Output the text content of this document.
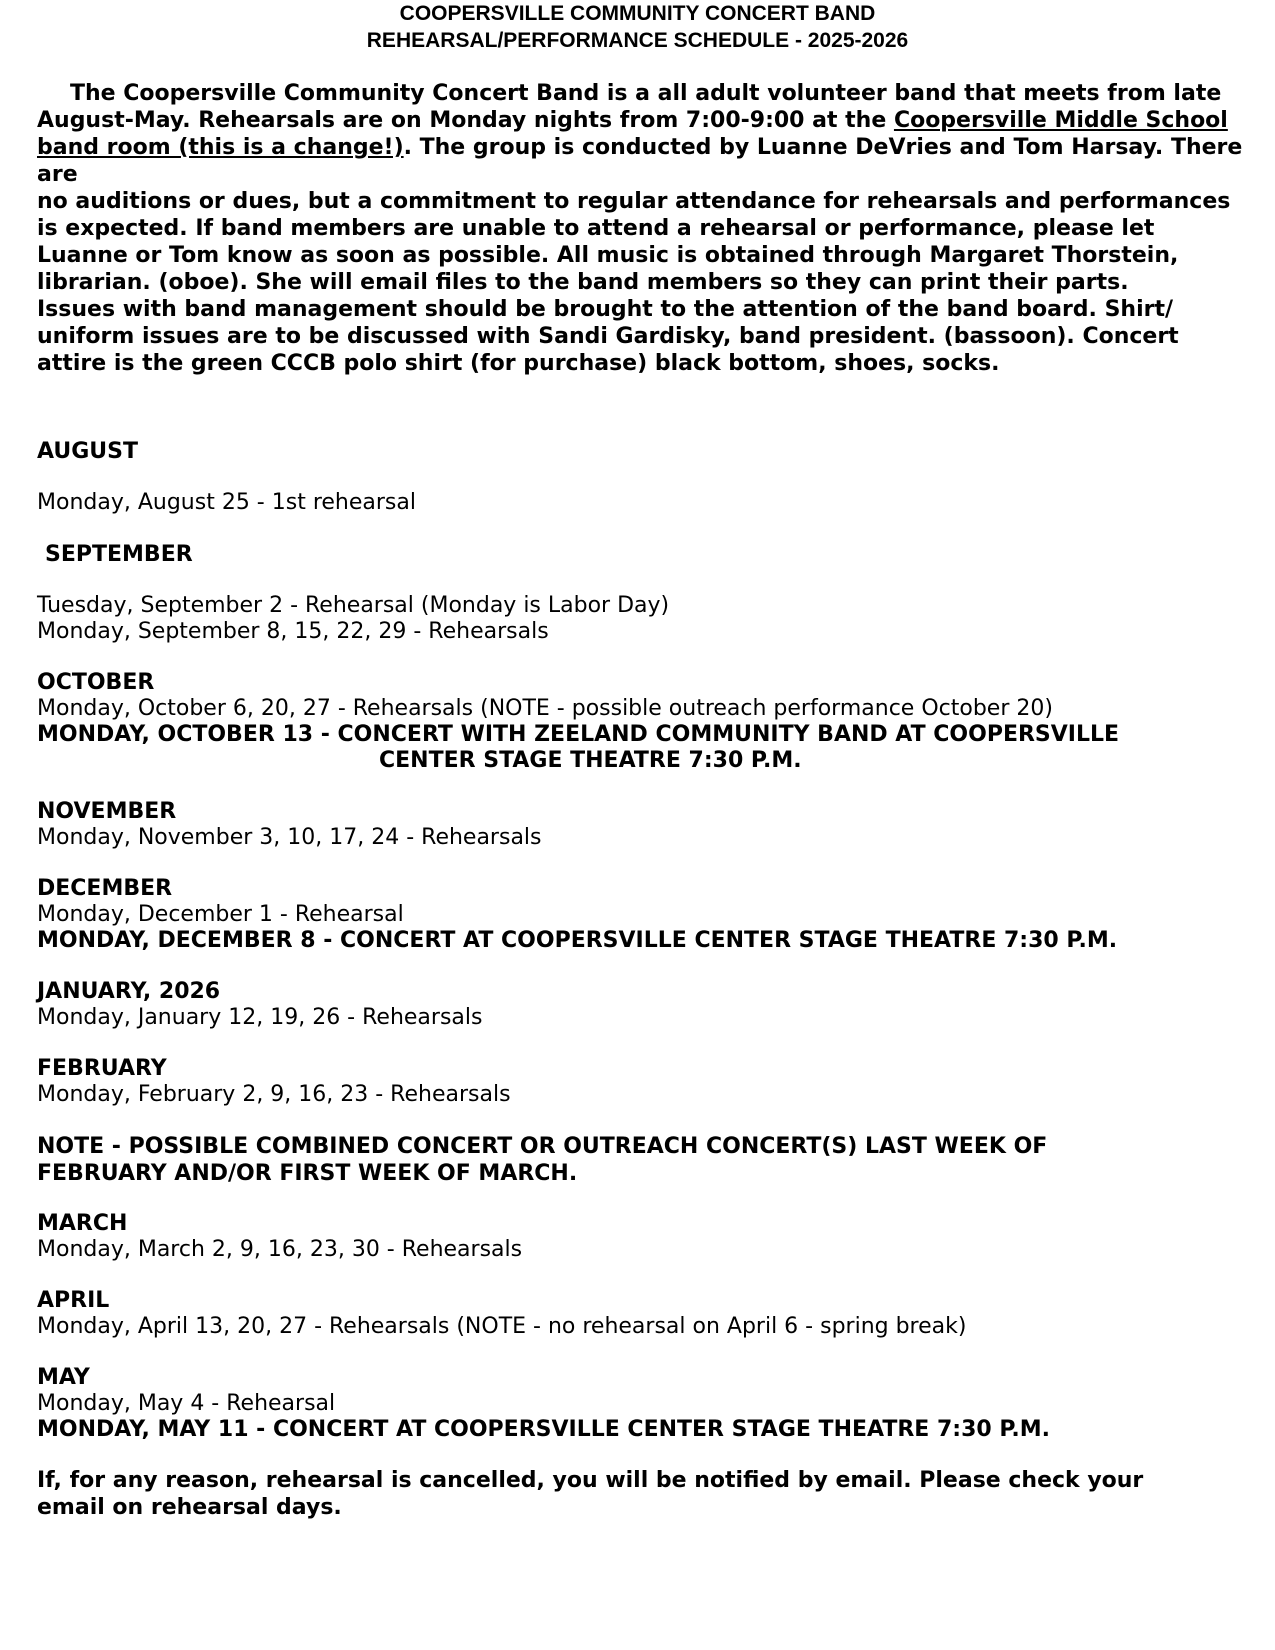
COOPERSVILLE COMMUNITY CONCERT BAND
REHEARSAL/PERFORMANCE SCHEDULE - 2025-2026

The Coopersville Community Concert Band is a all adult volunteer band that meets from late August-May. Rehearsals are on Monday nights from 7:00-9:00 at the Coopersville Middle School band room (this is a change!). The group is conducted by Luanne DeVries and Tom Harsay. There are

no auditions or dues, but a commitment to regular attendance for rehearsals and performances is expected. If band members are unable to attend a rehearsal or performance, please let Luanne or Tom know as soon as possible. All music is obtained through Margaret Thorstein, librarian. (oboe). She will email files to the band members so they can print their parts.

Issues with band management should be brought to the attention of the band board. Shirt/ uniform issues are to be discussed with Sandi Gardisky, band president. (bassoon). Concert attire is the green CCCB polo shirt (for purchase) black bottom, shoes, socks.

AUGUST
Monday, August 25 - 1st rehearsal
SEPTEMBER
Tuesday, September 2 - Rehearsal (Monday is Labor Day)
Monday, September 8, 15, 22, 29 - Rehearsals
OCTOBER
Monday, October 6, 20, 27 - Rehearsals (NOTE - possible outreach performance October 20)
MONDAY, OCTOBER 13 - CONCERT WITH ZEELAND COMMUNITY BAND AT COOPERSVILLE
CENTER STAGE THEATRE 7:30 P.M.
NOVEMBER
Monday, November 3, 10, 17, 24 - Rehearsals
DECEMBER
Monday, December 1 - Rehearsal
MONDAY, DECEMBER 8 - CONCERT AT COOPERSVILLE CENTER STAGE THEATRE 7:30 P.M.
JANUARY, 2026
Monday, January 12, 19, 26 - Rehearsals
FEBRUARY
Monday, February 2, 9, 16, 23 - Rehearsals
NOTE - POSSIBLE COMBINED CONCERT OR OUTREACH CONCERT(S) LAST WEEK OF FEBRUARY AND/OR FIRST WEEK OF MARCH.
MARCH
Monday, March 2, 9, 16, 23, 30 - Rehearsals
APRIL
Monday, April 13, 20, 27 - Rehearsals (NOTE - no rehearsal on April 6 - spring break)
MAY
Monday, May 4 - Rehearsal
MONDAY, MAY 11 - CONCERT AT COOPERSVILLE CENTER STAGE THEATRE 7:30 P.M.
If, for any reason, rehearsal is cancelled, you will be notified by email. Please check your email on rehearsal days.
